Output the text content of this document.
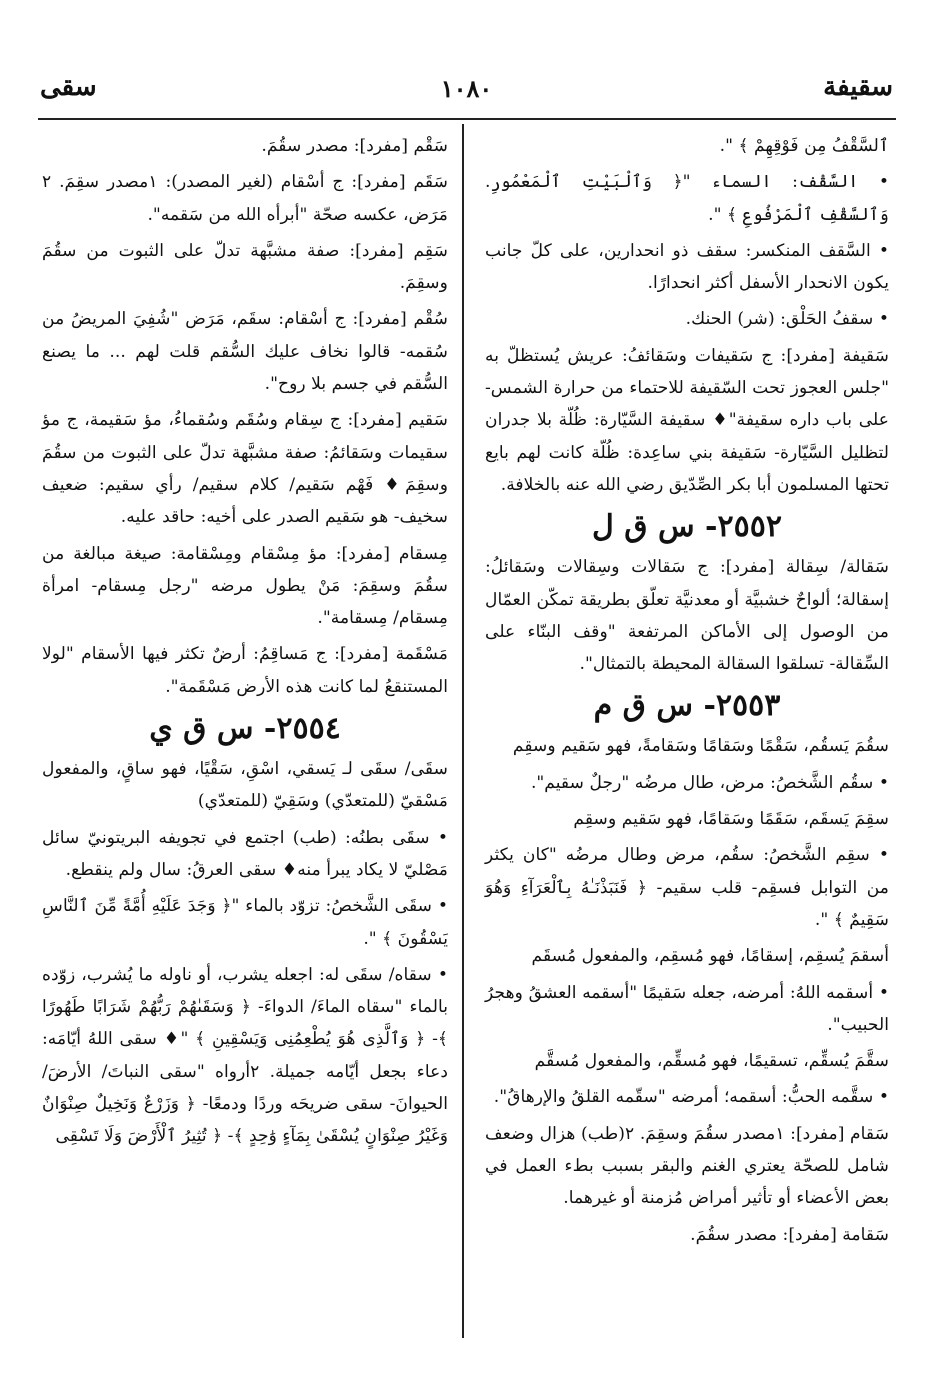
سقيفة
١٠٨٠
سقى

ٱلسَّقْفُ مِن فَوْقِهِمْ ﴾ ".

• السَّقْف: السماء "﴿ وَٱلْبَيْتِ ٱلْمَعْمُورِ. وَٱلسَّقْفِ ٱلْمَرْفُوعِ ﴾ ".

• السَّقف المنكسر: سقف ذو انحدارين، على كلّ جانب يكون الانحدار الأسفل أكثر انحدارًا.

• سقفُ الحَلْق: (شر) الحنك.

سَقيفة [مفرد]: ج سَقيفات وسَقائفُ: عريش يُستظلّ به "جلس العجوز تحت السّقيفة للاحتماء من حرارة الشمس- على باب داره سقيفة"♦ سقيفة السَّيّارة: ظُلّة بلا جدران لتظليل السَّيّارة- سَقيفة بني ساعِدة: ظُلّة كانت لهم بايع تحتها المسلمون أبا بكر الصِّدّيق رضي الله عنه بالخلافة.

٢٥٥٢- س ق ل

سَقالة/ سِقالة [مفرد]: ج سَقالات وسِقالات وسَقائلُ: إسقالة؛ ألواحٌ خشبيَّة أو معدنيَّة تعلّق بطريقة تمكّن العمّال من الوصول إلى الأماكن المرتفعة "وقف البنّاء على السِّقالة- تسلقوا السقالة المحيطة بالتمثال".

٢٥٥٣- س ق م

سقُمَ يَسقُم، سَقْمًا وسَقامًا وسَقامةً، فهو سَقيم وسقِم

• سقُم الشَّخصُ: مرض، طال مرضُه "رجلٌ سقيم".

سقِمَ يَسقَم، سَقَمًا وسَقامًا، فهو سَقيم وسقِم

• سقِم الشَّخصُ: سقُم، مرض وطال مرضُه "كان يكثر من التوابل فسقِم- قلب سقيم- ﴿ فَنَبَذْنَـٰهُ بِٱلْعَرَآءِ وَهُوَ سَقِيمٌ ﴾ ".

أسقمَ يُسقِم، إسقامًا، فهو مُسقِم، والمفعول مُسقَم

• أسقمه اللهُ: أمرضه، جعله سَقيمًا "أسقمه العشقُ وهجرُ الحبيب".

سقَّمَ يُسقِّم، تسقيمًا، فهو مُسقِّم، والمفعول مُسقَّم

• سقَّمه الحبُّ: أسقمه؛ أمرضه "سقّمه القلقُ والإرهاقُ".

سَقام [مفرد]: ١مصدر سقُمَ وسقِمَ. ٢(طب) هزال وضعف شامل للصحّة يعتري الغنم والبقر بسبب بطء العمل في بعض الأعضاء أو تأثير أمراض مُزمنة أو غيرهما.

سَقامة [مفرد]: مصدر سقُمَ.

سَقْم [مفرد]: مصدر سقُمَ.

سَقَم [مفرد]: ج أسْقام (لغير المصدر): ١مصدر سقِمَ. ٢ مَرَض، عكسه صحّة "أبرأه الله من سَقمه".

سَقِم [مفرد]: صفة مشبَّهة تدلّ على الثبوت من سقُمَ وسقِمَ.

سُقْم [مفرد]: ج أسْقام: سقَم، مَرَض "شُفِيَ المريضُ من سُقمه- قالوا نخاف عليك السُّقم قلت لهم ... ما يصنع السُّقم في جسم بلا روح".

سَقيم [مفرد]: ج سِقام وسُقَم وسُقماءُ، مؤ سَقيمة، ج مؤ سقيمات وسَقائمُ: صفة مشبَّهة تدلّ على الثبوت من سقُمَ وسقِمَ♦ فَهْم سَقيم/ كلام سقيم/ رأي سقيم: ضعيف سخيف- هو سَقيم الصدر على أخيه: حاقد عليه.

مِسقام [مفرد]: مؤ مِسْقام ومِسْقامة: صيغة مبالغة من سقُمَ وسقِمَ: مَنْ يطول مرضه "رجل مِسقام- امرأة مِسقام/ مِسقامة".

مَسْقَمة [مفرد]: ج مَساقِمُ: أرضٌ تكثر فيها الأسقام "لولا المستنقعُ لما كانت هذه الأرض مَسْقَمة".

٢٥٥٤- س ق ي

سقَى/ سقَى لـ يَسقي، اسْقِ، سَقْيًا، فهو ساقٍ، والمفعول مَسْقيّ (للمتعدّي) وسَقِيّ (للمتعدّي)

• سقَى بطنُه: (طب) اجتمع في تجويفه البريتونيّ سائل مَصْليّ لا يكاد يبرأ منه♦ سقى العرقُ: سال ولم ينقطع.

• سقَى الشَّخصُ: تزوّد بالماء "﴿ وَجَدَ عَلَيْهِ أُمَّةً مِّنَ ٱلنَّاسِ يَسْقُونَ ﴾ ".

• سقاه/ سقَى له: اجعله يشرب، أو ناوله ما يُشرب، زوّده بالماء "سقاه الماءَ/ الدواءَ- ﴿ وَسَقَىٰهُمْ رَبُّهُمْ شَرَابًا طَهُورًا ﴾- ﴿ وَٱلَّذِى هُوَ يُطْعِمُنِى وَيَسْقِينِ ﴾ "♦ سقى اللهُ أيّامَه: دعاء بجعل أيّامه جميلة. ٢أرواه "سقى النباتَ/ الأرضَ/ الحيوانَ- سقى ضريحَه وردًا ودمعًا- ﴿ وَزَرْعٌ وَنَخِيلٌ صِنْوَانٌ وَغَيْرُ صِنْوَانٍ يُسْقَىٰ بِمَآءٍ وَٰحِدٍ ﴾- ﴿ تُثِيرُ ٱلْأَرْضَ وَلَا تَسْقِى
